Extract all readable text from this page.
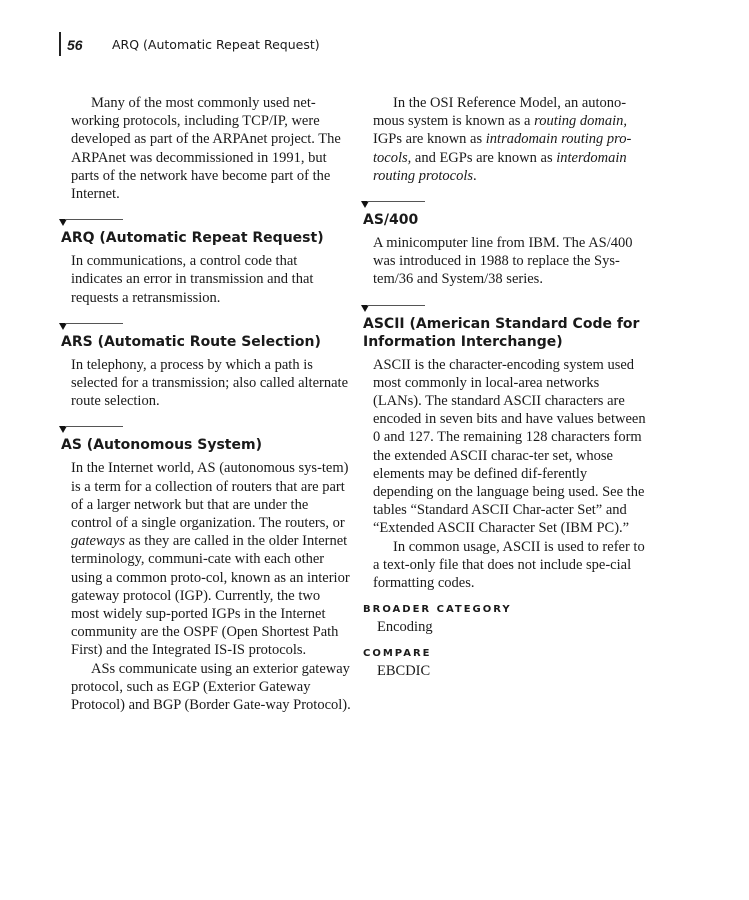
56 ARQ (Automatic Repeat Request)

Many of the most commonly used net-working protocols, including TCP/IP, were developed as part of the ARPAnet project. The ARPAnet was decommissioned in 1991, but parts of the network have become part of the Internet.

ARQ (Automatic Repeat Request)

In communications, a control code that indicates an error in transmission and that requests a retransmission.

ARS (Automatic Route Selection)

In telephony, a process by which a path is selected for a transmission; also called alternate route selection.

AS (Autonomous System)

In the Internet world, AS (autonomous sys-tem) is a term for a collection of routers that are part of a larger network but that are under the control of a single organization. The routers, or gateways as they are called in the older Internet terminology, communi-cate with each other using a common proto-col, known as an interior gateway protocol (IGP). Currently, the two most widely sup-ported IGPs in the Internet community are the OSPF (Open Shortest Path First) and the Integrated IS-IS protocols.

ASs communicate using an exterior gateway protocol, such as EGP (Exterior Gateway Protocol) and BGP (Border Gate-way Protocol).

In the OSI Reference Model, an autono-mous system is known as a routing domain, IGPs are known as intradomain routing pro-tocols, and EGPs are known as interdomain routing protocols.

AS/400

A minicomputer line from IBM. The AS/400 was introduced in 1988 to replace the Sys-tem/36 and System/38 series.

ASCII (American Standard Code for Information Interchange)

ASCII is the character-encoding system used most commonly in local-area networks (LANs). The standard ASCII characters are encoded in seven bits and have values between 0 and 127. The remaining 128 characters form the extended ASCII charac-ter set, whose elements may be defined dif-ferently depending on the language being used. See the tables “Standard ASCII Char-acter Set” and “Extended ASCII Character Set (IBM PC).”

In common usage, ASCII is used to refer to a text-only file that does not include spe-cial formatting codes.

BROADER CATEGORY

Encoding

COMPARE

EBCDIC
